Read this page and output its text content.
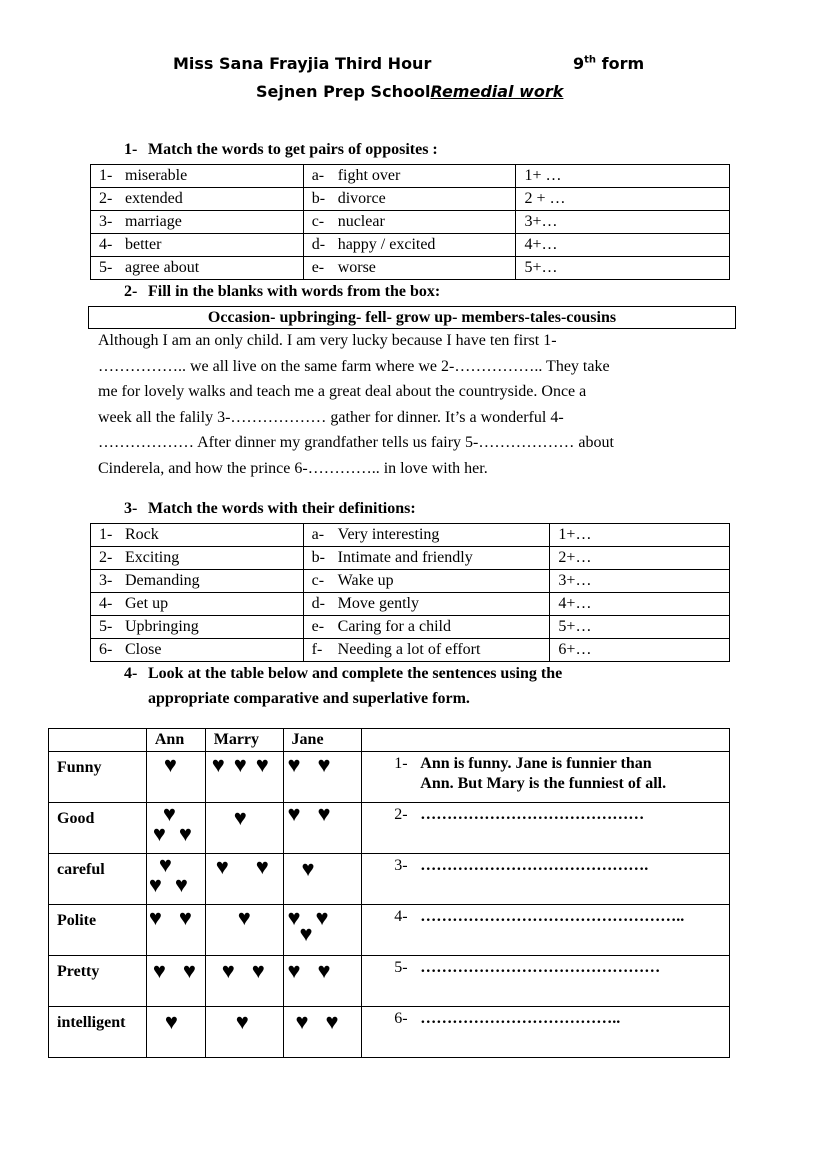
Miss Sana Frayjia Third Hour	9th form
Sejnen Prep SchoolRemedial work
1- Match the words to get pairs of opposites :
1- miserable	a- fight over	1+ …
2- extended	b- divorce	2 + …
3- marriage	c- nuclear	3+…
4- better	d- happy / excited	4+…
5- agree about	e- worse	5+…
2- Fill in the blanks with words from the box:
Occasion- upbringing- fell- grow up- members-tales-cousins
Although I am an only child. I am very lucky because I have ten first 1-
…………….. we all live on the same farm where we 2-…………….. They take
me for lovely walks and teach me a great deal about the countryside. Once a
week all the falily 3-……………… gather for dinner. It’s a wonderful 4-
……………… After dinner my grandfather tells us fairy 5-……………… about
Cinderela, and how the prince 6-………….. in love with her.
3- Match the words with their definitions:
1- Rock	a- Very interesting	1+…
2- Exciting	b- Intimate and friendly	2+…
3- Demanding	c- Wake up	3+…
4- Get up	d- Move gently	4+…
5- Upbringing	e- Caring for a child	5+…
6- Close	f- Needing a lot of effort	6+…
4- Look at the table below and complete the sentences using the
appropriate comparative and superlative form.
	Ann	Marry	Jane	
Funny	♥	♥ ♥ ♥	♥ ♥	1- Ann is funny. Jane is funnier than
Ann. But Mary is the funniest of all.

Good	♥
♥ ♥	♥	♥ ♥	2- ……………………………………

careful	♥
♥ ♥	♥ ♥	♥	3- …………………………………….

Polite	♥ ♥	♥	♥ ♥
♥	4- …………………………………………..

Pretty	♥ ♥	♥ ♥	♥ ♥	5- ………………………………………

intelligent	♥	♥	♥ ♥	6- ………………………………..
